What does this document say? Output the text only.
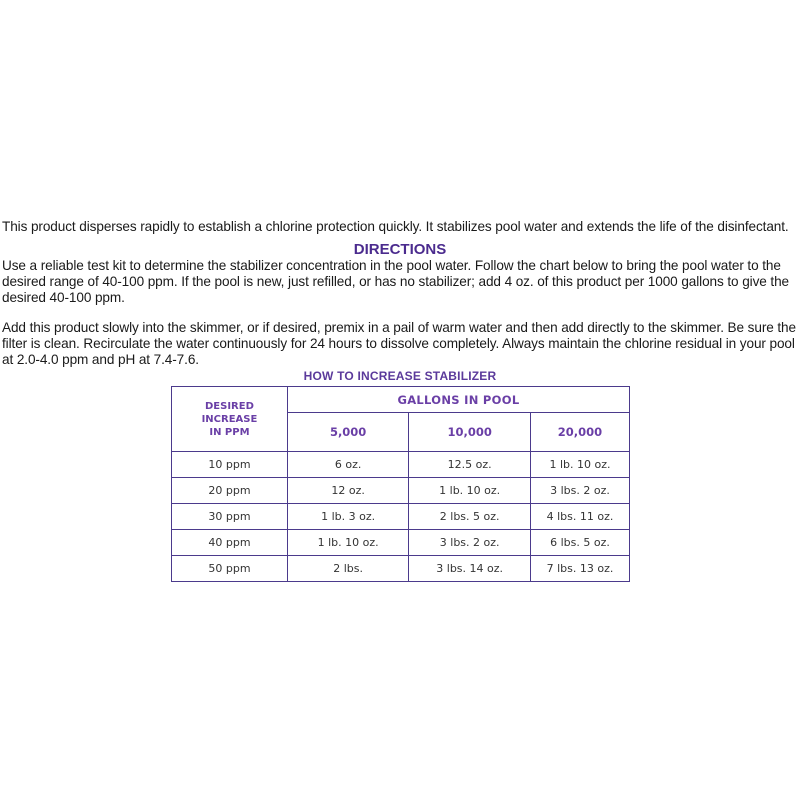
This product disperses rapidly to establish a chlorine protection quickly. It stabilizes pool water and extends the life of the disinfectant.
DIRECTIONS
Use a reliable test kit to determine the stabilizer concentration in the pool water. Follow the chart below to bring the pool water to the
desired range of 40-100 ppm. If the pool is new, just refilled, or has no stabilizer; add 4 oz. of this product per 1000 gallons to give the
desired 40-100 ppm.
Add this product slowly into the skimmer, or if desired, premix in a pail of warm water and then add directly to the skimmer. Be sure the
filter is clean. Recirculate the water continuously for 24 hours to dissolve completely. Always maintain the chlorine residual in your pool
at 2.0-4.0 ppm and pH at 7.4-7.6.
HOW TO INCREASE STABILIZER
DESIRED
INCREASE
IN PPM	GALLONS IN POOL		
	5,000	10,000	20,000
10 ppm	6 oz.	12.5 oz.	1 lb. 10 oz.
20 ppm	12 oz.	1 lb. 10 oz.	3 lbs. 2 oz.
30 ppm	1 lb. 3 oz.	2 lbs. 5 oz.	4 lbs. 11 oz.
40 ppm	1 lb. 10 oz.	3 lbs. 2 oz.	6 lbs. 5 oz.
50 ppm	2 lbs.	3 lbs. 14 oz.	7 lbs. 13 oz.
